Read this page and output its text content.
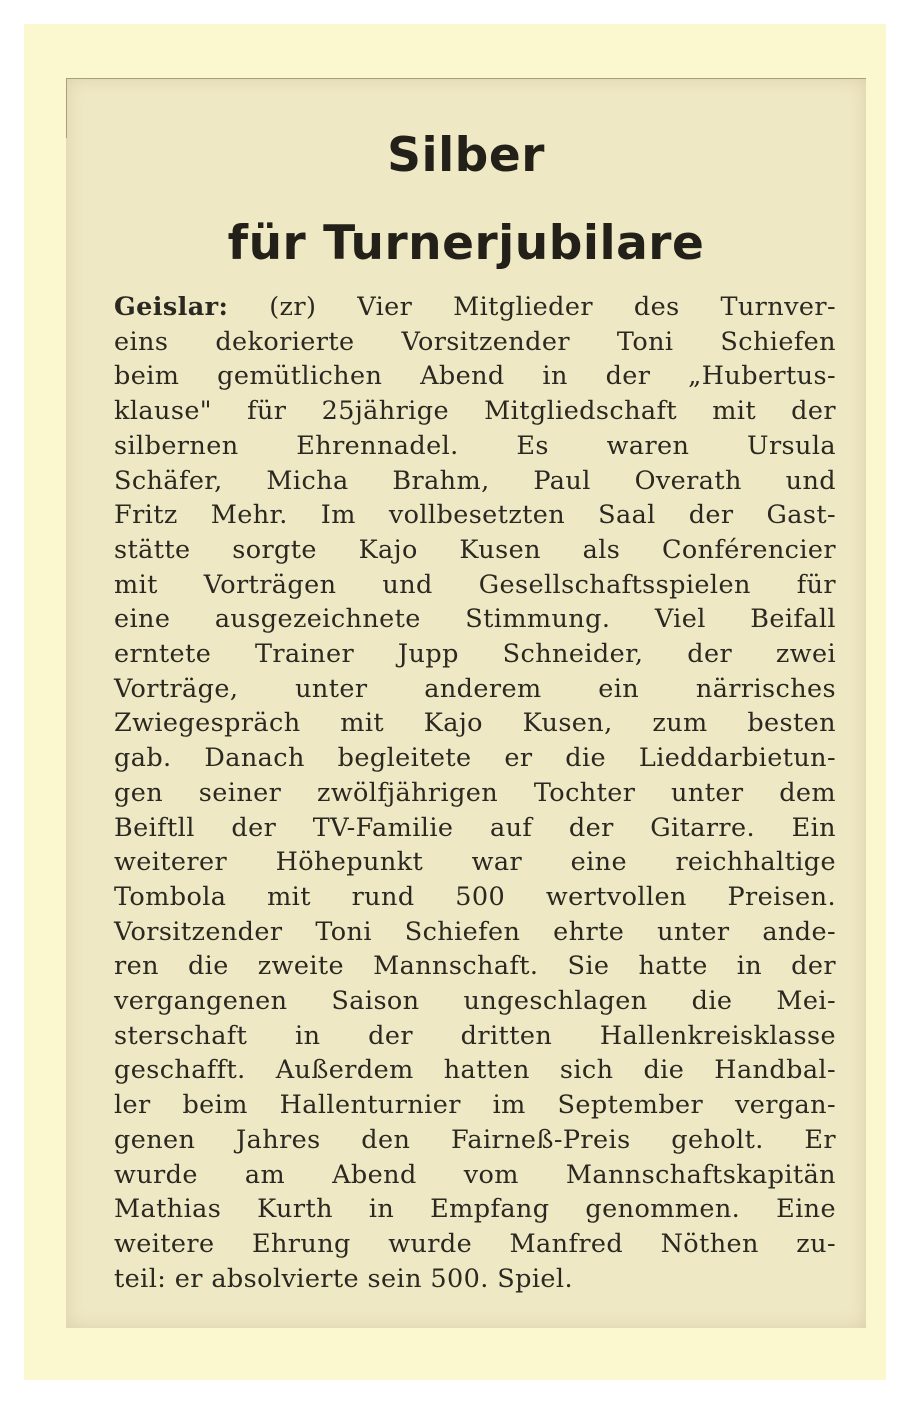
Silber
für Turnerjubilare
Geislar: (zr) Vier Mitglieder des Turnver-
eins dekorierte Vorsitzender Toni Schiefen
beim gemütlichen Abend in der „Hubertus-
klause" für 25jährige Mitgliedschaft mit der
silbernen Ehrennadel. Es waren Ursula
Schäfer, Micha Brahm, Paul Overath und
Fritz Mehr. Im vollbesetzten Saal der Gast-
stätte sorgte Kajo Kusen als Conférencier
mit Vorträgen und Gesellschaftsspielen für
eine ausgezeichnete Stimmung. Viel Beifall
erntete Trainer Jupp Schneider, der zwei
Vorträge, unter anderem ein närrisches
Zwiegespräch mit Kajo Kusen, zum besten
gab. Danach begleitete er die Lieddarbietun-
gen seiner zwölfjährigen Tochter unter dem
Beiftll der TV-Familie auf der Gitarre. Ein
weiterer Höhepunkt war eine reichhaltige
Tombola mit rund 500 wertvollen Preisen.
Vorsitzender Toni Schiefen ehrte unter ande-
ren die zweite Mannschaft. Sie hatte in der
vergangenen Saison ungeschlagen die Mei-
sterschaft in der dritten Hallenkreisklasse
geschafft. Außerdem hatten sich die Handbal-
ler beim Hallenturnier im September vergan-
genen Jahres den Fairneß-Preis geholt. Er
wurde am Abend vom Mannschaftskapitän
Mathias Kurth in Empfang genommen. Eine
weitere Ehrung wurde Manfred Nöthen zu-
teil: er absolvierte sein 500. Spiel.
